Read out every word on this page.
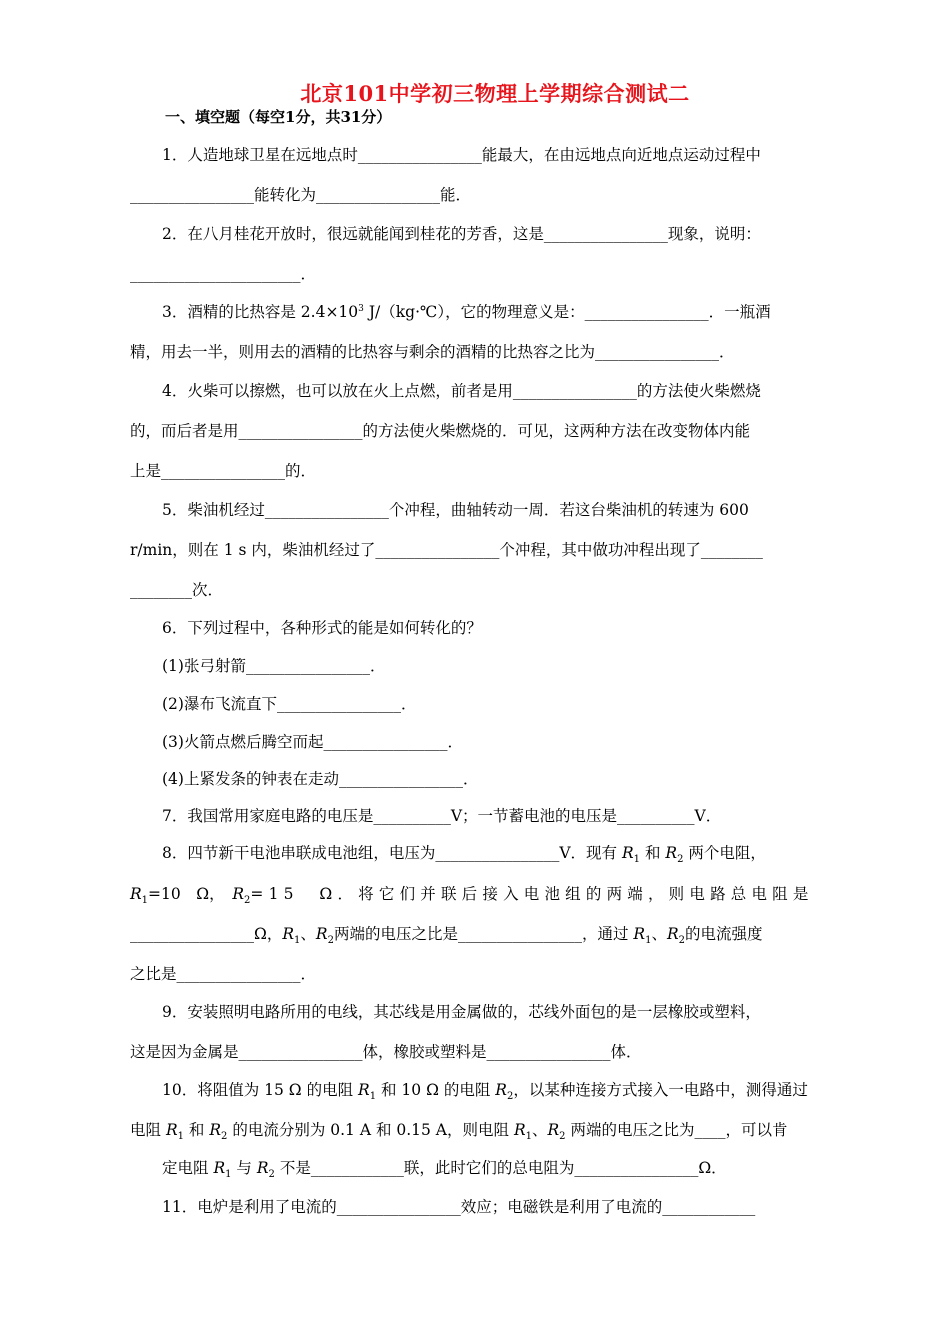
北京101中学初三物理上学期综合测试二
一、填空题（每空1分，共31分）
1．人造地球卫星在远地点时________________能最大，在由远地点向近地点运动过程中
________________能转化为________________能．
2．在八月桂花开放时，很远就能闻到桂花的芳香，这是________________现象，说明：
______________________．
3．酒精的比热容是 $2.4\times 10^3$ J/（kg·℃），它的物理意义是：________________．一瓶酒
精，用去一半，则用去的酒精的比热容与剩余的酒精的比热容之比为________________．
4．火柴可以擦燃，也可以放在火上点燃，前者是用________________的方法使火柴燃烧
的，而后者是用________________的方法使火柴燃烧的．可见，这两种方法在改变物体内能
上是________________的．
5．柴油机经过________________个冲程，曲轴转动一周．若这台柴油机的转速为 600
r/min，则在 1 s 内，柴油机经过了________________个冲程，其中做功冲程出现了________
________次．
6．下列过程中，各种形式的能是如何转化的？
(1)张弓射箭________________．
(2)瀑布飞流直下________________．
(3)火箭点燃后腾空而起________________．
(4)上紧发条的钟表在走动________________．
7．我国常用家庭电路的电压是__________V；一节蓄电池的电压是__________V．
8．四节新干电池串联成电池组，电压为________________V．现有 $R_1$ 和 $R_2$ 两个电阻，
$R_1=10$　Ω，　 $R_2=15$　Ω．将它们并联后接入电池组的两端，则电路总电阻是
________________Ω，$R_1$、$R_2$两端的电压之比是________________，通过 $R_1$、$R_2$的电流强度
之比是________________．
9．安装照明电路所用的电线，其芯线是用金属做的，芯线外面包的是一层橡胶或塑料，
这是因为金属是________________体，橡胶或塑料是________________体．
10．将阻值为 15 Ω 的电阻 $R_1$ 和 10 Ω 的电阻 $R_2$，以某种连接方式接入一电路中，测得通过
电阻 $R_1$ 和 $R_2$ 的电流分别为 0.1 A 和 0.15 A，则电阻 $R_1$、$R_2$ 两端的电压之比为____，可以肯
定电阻 $R_1$ 与 $R_2$ 不是____________联，此时它们的总电阻为________________Ω．
11．电炉是利用了电流的________________效应；电磁铁是利用了电流的____________
